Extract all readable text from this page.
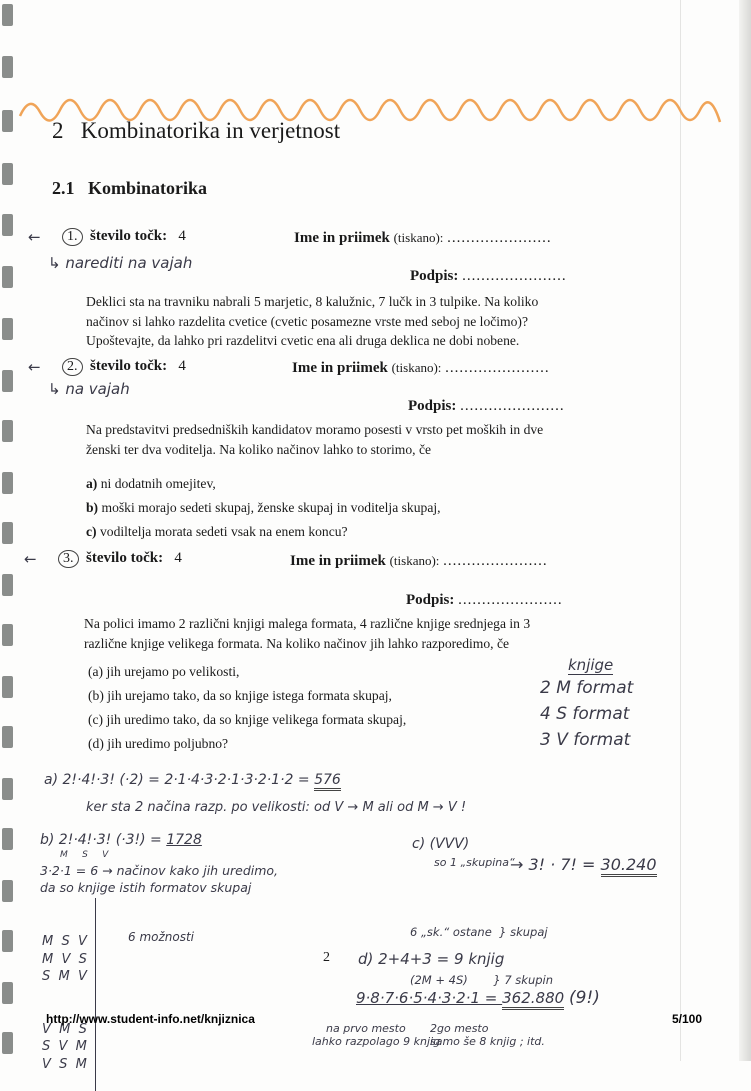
2 Kombinatorika in verjetnost
2.1 Kombinatorika
←	1. število točk: 4	Ime in priimek (tiskano): ......................
↳ narediti na vajah
Podpis: ......................
Deklici sta na travniku nabrali 5 marjetic, 8 kalužnic, 7 lučk in 3 tulpike. Na koliko
načinov si lahko razdelita cvetice (cvetic posamezne vrste med seboj ne ločimo)?
Upoštevajte, da lahko pri razdelitvi cvetic ena ali druga deklica ne dobi nobene.
←	2. število točk: 4	Ime in priimek (tiskano): ......................
↳ na vajah
Podpis: ......................
Na predstavitvi predsedniških kandidatov moramo posesti v vrsto pet moških in dve
ženski ter dva voditelja. Na koliko načinov lahko to storimo, če
a) ni dodatnih omejitev,
b) moški morajo sedeti skupaj, ženske skupaj in voditelja skupaj,
c) vodiltelja morata sedeti vsak na enem koncu?
←	3. število točk: 4	Ime in priimek (tiskano): ......................
Podpis: ......................
Na polici imamo 2 različni knjigi malega formata, 4 različne knjige srednjega in 3
različne knjige velikega formata. Na koliko načinov jih lahko razporedimo, če
(a) jih urejamo po velikosti,
(b) jih urejamo tako, da so knjige istega formata skupaj,
(c) jih uredimo tako, da so knjige velikega formata skupaj,
(d) jih uredimo poljubno?
knjige
2 M format
4 S format
3 V format
a) 2!·4!·3! (·2) = 2·1·4·3·2·1·3·2·1·2 = 576
ker sta 2 načina razp. po velikosti: od V → M ali od M → V !
b) 2!·4!·3! (·3!) = 1728
M     S     V
3·2·1 = 6 → načinov kako jih uredimo,
da so knjige istih formatov skupaj

M  S  V
M  V  S
S  M  V

V  M  S
S  V  M
V  S  M

6 možnosti
c) (VVV)
so 1 „skupina“
→ 3! · 7! = 30.240

6 „sk.“ ostane  } skupaj

(2M + 4S)       } 7 skupin

2 d) 2+4+3 = 9 knjig
9·8·7·6·5·4·3·2·1 = 362.880 (9!)
na prvo mesto
lahko razpolago 9 knjig
2go mesto
samo še 8 knjig ; itd.
http://www.student-info.net/knjiznica	5/100
